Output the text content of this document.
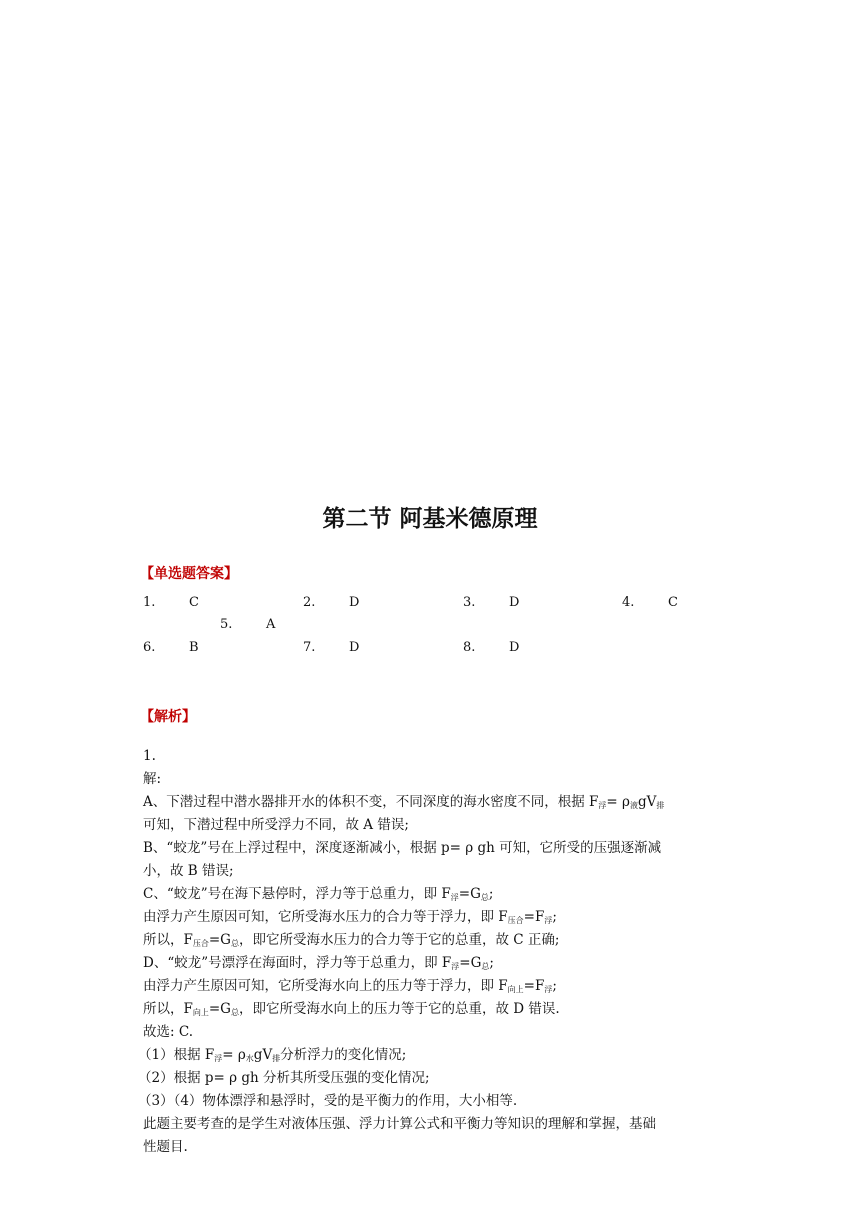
第二节 阿基米德原理
【单选题答案】
1.	C	2.	D	3.	D	4.	C
5.	A
6.	B	7.	D	8.	D
【解析】
1.
解:
A、下潜过程中潜水器排开水的体积不变，不同深度的海水密度不同，根据 $F_浮= \rho_液gV_排$
可知，下潜过程中所受浮力不同，故 A 错误;
B、“蛟龙”号在上浮过程中，深度逐渐减小，根据 p= ρ gh 可知，它所受的压强逐渐减
小，故 B 错误;
C、“蛟龙”号在海下悬停时，浮力等于总重力，即 $F_浮=G_总$;
由浮力产生原因可知，它所受海水压力的合力等于浮力，即 $F_{压合}=F_浮$;
所以，$F_{压合}=G_总$，即它所受海水压力的合力等于它的总重，故 C 正确;
D、“蛟龙”号漂浮在海面时，浮力等于总重力，即 $F_浮=G_总$;
由浮力产生原因可知，它所受海水向上的压力等于浮力，即 $F_{向上}=F_浮$;
所以，$F_{向上}=G_总$，即它所受海水向上的压力等于它的总重，故 D 错误.
故选: C.
（1）根据 $F_浮= \rho_水gV_排$分析浮力的变化情况;
（2）根据 p= ρ gh 分析其所受压强的变化情况;
（3）（4）物体漂浮和悬浮时，受的是平衡力的作用，大小相等.
此题主要考查的是学生对液体压强、浮力计算公式和平衡力等知识的理解和掌握，基础
性题目.
